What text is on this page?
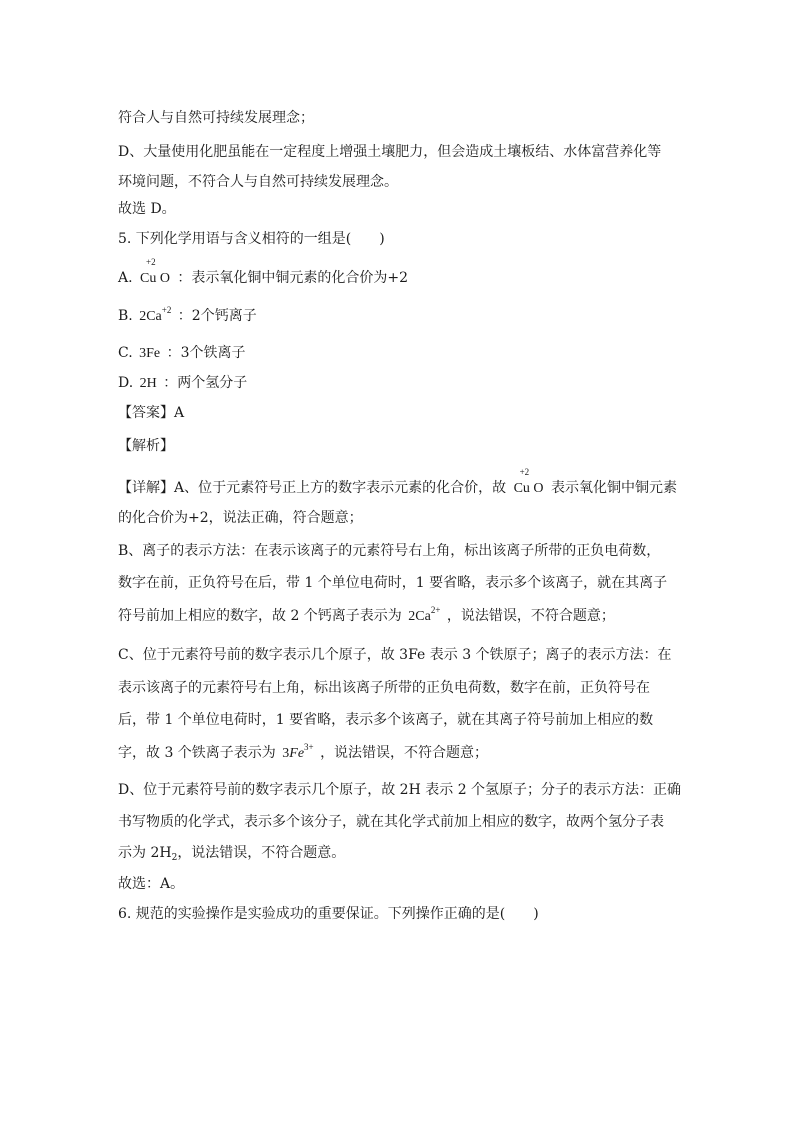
符合人与自然可持续发展理念；
D、大量使用化肥虽能在一定程度上增强土壤肥力，但会造成土壤板结、水体富营养化等
环境问题，不符合人与自然可持续发展理念。
故选 D。
5. 下列化学用语与含义相符的一组是(　　)
A.
+2
Cu O ：表示氧化铜中铜元素的化合价为+2
B. $2Ca^{+2}$ ：2个钙离子
C. 3Fe ：3个铁离子
D. 2H ：两个氢分子
【答案】A
【解析】
【详解】A、位于元素符号正上方的数字表示元素的化合价，故
+2
Cu O 表示氧化铜中铜元素
的化合价为+2，说法正确，符合题意；
B、离子的表示方法：在表示该离子的元素符号右上角，标出该离子所带的正负电荷数，
数字在前，正负符号在后，带 1 个单位电荷时，1 要省略，表示多个该离子，就在其离子
符号前加上相应的数字，故 2 个钙离子表示为 $2Ca^{2+}$ ，说法错误，不符合题意；
C、位于元素符号前的数字表示几个原子，故 3Fe 表示 3 个铁原子；离子的表示方法：在
表示该离子的元素符号右上角，标出该离子所带的正负电荷数，数字在前，正负符号在
后，带 1 个单位电荷时，1 要省略，表示多个该离子，就在其离子符号前加上相应的数
字，故 3 个铁离子表示为 $3Fe^{3+}$ ，说法错误，不符合题意；
D、位于元素符号前的数字表示几个原子，故 2H 表示 2 个氢原子；分子的表示方法：正确
书写物质的化学式，表示多个该分子，就在其化学式前加上相应的数字，故两个氢分子表
示为 $2H_2$，说法错误，不符合题意。
故选：A。
6. 规范的实验操作是实验成功的重要保证。下列操作正确的是(　　)
